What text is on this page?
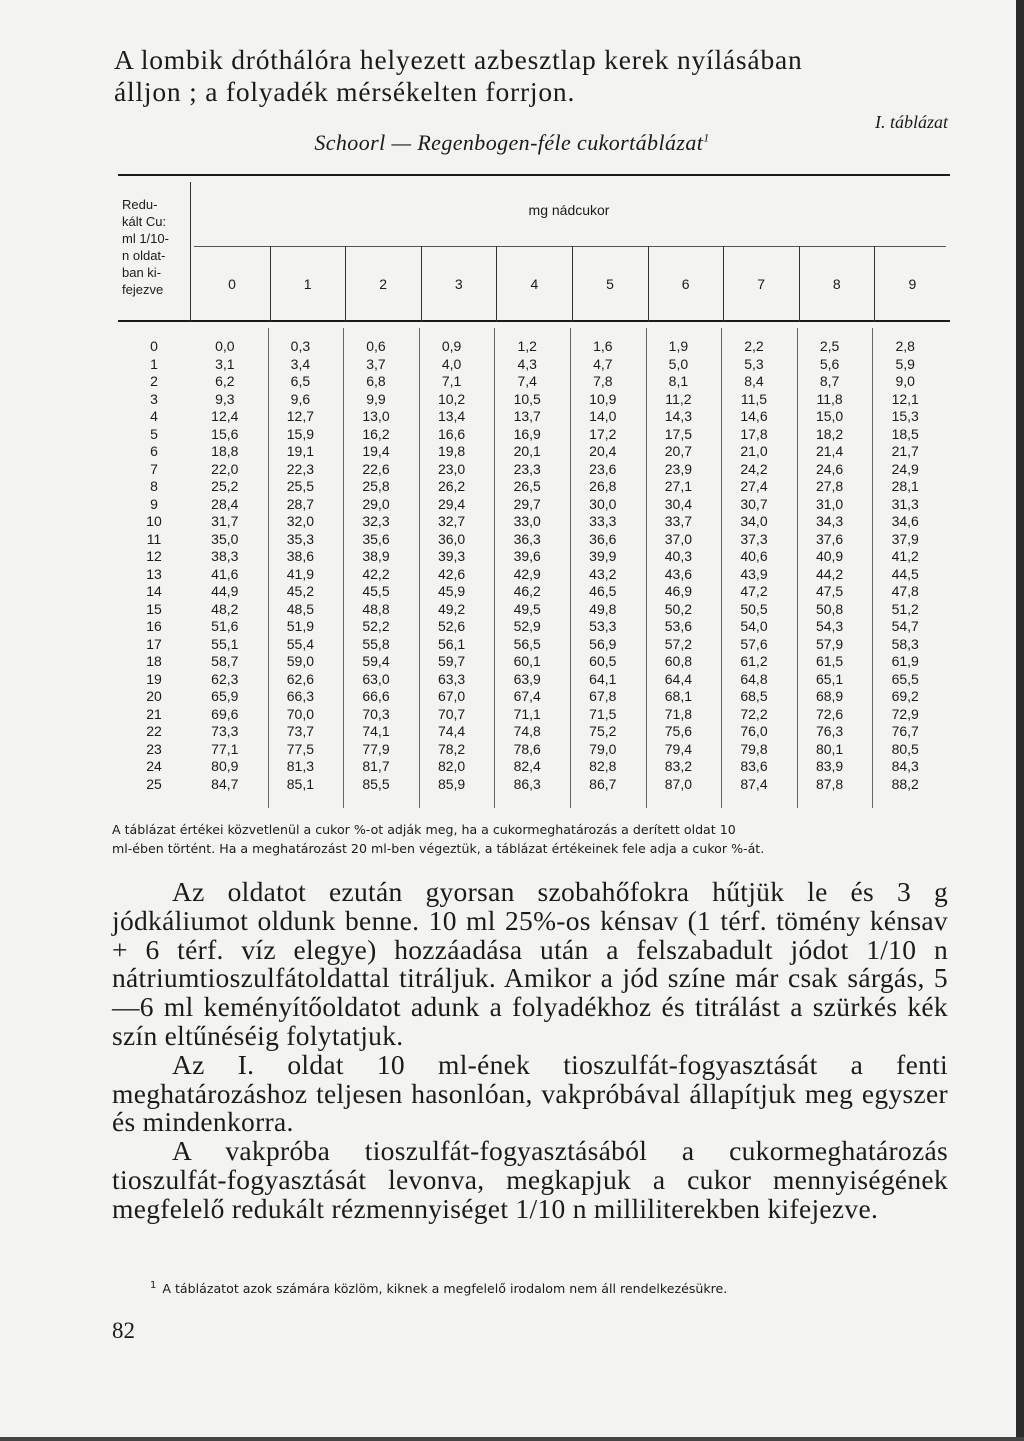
A lombik dróthálóra helyezett azbesztlap kerek nyílásában

álljon ; a folyadék mérsékelten forrjon.

I. táblázat
Schoorl — Regenbogen-féle cukortáblázat$^1$
Redu-
kált Cu:
ml 1/10-
n oldat-
ban ki-
fejezve
mg nádcukor
0	1	2	3	4	5	6	7	8	9
0	0,0	0,3	0,6	0,9	1,2	1,6	1,9	2,2	2,5	2,8
1	3,1	3,4	3,7	4,0	4,3	4,7	5,0	5,3	5,6	5,9
2	6,2	6,5	6,8	7,1	7,4	7,8	8,1	8,4	8,7	9,0
3	9,3	9,6	9,9	10,2	10,5	10,9	11,2	11,5	11,8	12,1
4	12,4	12,7	13,0	13,4	13,7	14,0	14,3	14,6	15,0	15,3
5	15,6	15,9	16,2	16,6	16,9	17,2	17,5	17,8	18,2	18,5
6	18,8	19,1	19,4	19,8	20,1	20,4	20,7	21,0	21,4	21,7
7	22,0	22,3	22,6	23,0	23,3	23,6	23,9	24,2	24,6	24,9
8	25,2	25,5	25,8	26,2	26,5	26,8	27,1	27,4	27,8	28,1
9	28,4	28,7	29,0	29,4	29,7	30,0	30,4	30,7	31,0	31,3
10	31,7	32,0	32,3	32,7	33,0	33,3	33,7	34,0	34,3	34,6
11	35,0	35,3	35,6	36,0	36,3	36,6	37,0	37,3	37,6	37,9
12	38,3	38,6	38,9	39,3	39,6	39,9	40,3	40,6	40,9	41,2
13	41,6	41,9	42,2	42,6	42,9	43,2	43,6	43,9	44,2	44,5
14	44,9	45,2	45,5	45,9	46,2	46,5	46,9	47,2	47,5	47,8
15	48,2	48,5	48,8	49,2	49,5	49,8	50,2	50,5	50,8	51,2
16	51,6	51,9	52,2	52,6	52,9	53,3	53,6	54,0	54,3	54,7
17	55,1	55,4	55,8	56,1	56,5	56,9	57,2	57,6	57,9	58,3
18	58,7	59,0	59,4	59,7	60,1	60,5	60,8	61,2	61,5	61,9
19	62,3	62,6	63,0	63,3	63,9	64,1	64,4	64,8	65,1	65,5
20	65,9	66,3	66,6	67,0	67,4	67,8	68,1	68,5	68,9	69,2
21	69,6	70,0	70,3	70,7	71,1	71,5	71,8	72,2	72,6	72,9
22	73,3	73,7	74,1	74,4	74,8	75,2	75,6	76,0	76,3	76,7
23	77,1	77,5	77,9	78,2	78,6	79,0	79,4	79,8	80,1	80,5
24	80,9	81,3	81,7	82,0	82,4	82,8	83,2	83,6	83,9	84,3
25	84,7	85,1	85,5	85,9	86,3	86,7	87,0	87,4	87,8	88,2

A táblázat értékei közvetlenül a cukor %-ot adják meg, ha a cukormeghatározás a derített oldat 10

ml-ében történt. Ha a meghatározást 20 ml-ben végeztük, a táblázat értékeinek fele adja a cukor %-át.

Az oldatot ezután gyorsan szobahőfokra hűtjük le és 3 g jódkáliumot oldunk benne. 10 ml 25%-os kénsav (1 térf. tömény kénsav + 6 térf. víz elegye) hozzáadása után a felszabadult jódot 1/10 n nátriumtioszulfátoldattal titráljuk. Amikor a jód színe már csak sárgás, 5—6 ml keményítőoldatot adunk a folyadékhoz és titrálást a szürkés kék szín eltűnéséig folytatjuk.

Az I. oldat 10 ml-ének tioszulfát-fogyasztását a fenti meghatározáshoz teljesen hasonlóan, vakpróbával állapítjuk meg egyszer és mindenkorra.

A vakpróba tioszulfát-fogyasztásából a cukormeghatározás tioszulfát-fogyasztását levonva, megkapjuk a cukor mennyiségének megfelelő redukált rézmennyiséget 1/10 n milliliterekben kifejezve.

$^1$ A táblázatot azok számára közlöm, kiknek a megfelelő irodalom nem áll rendelkezésükre.
82
